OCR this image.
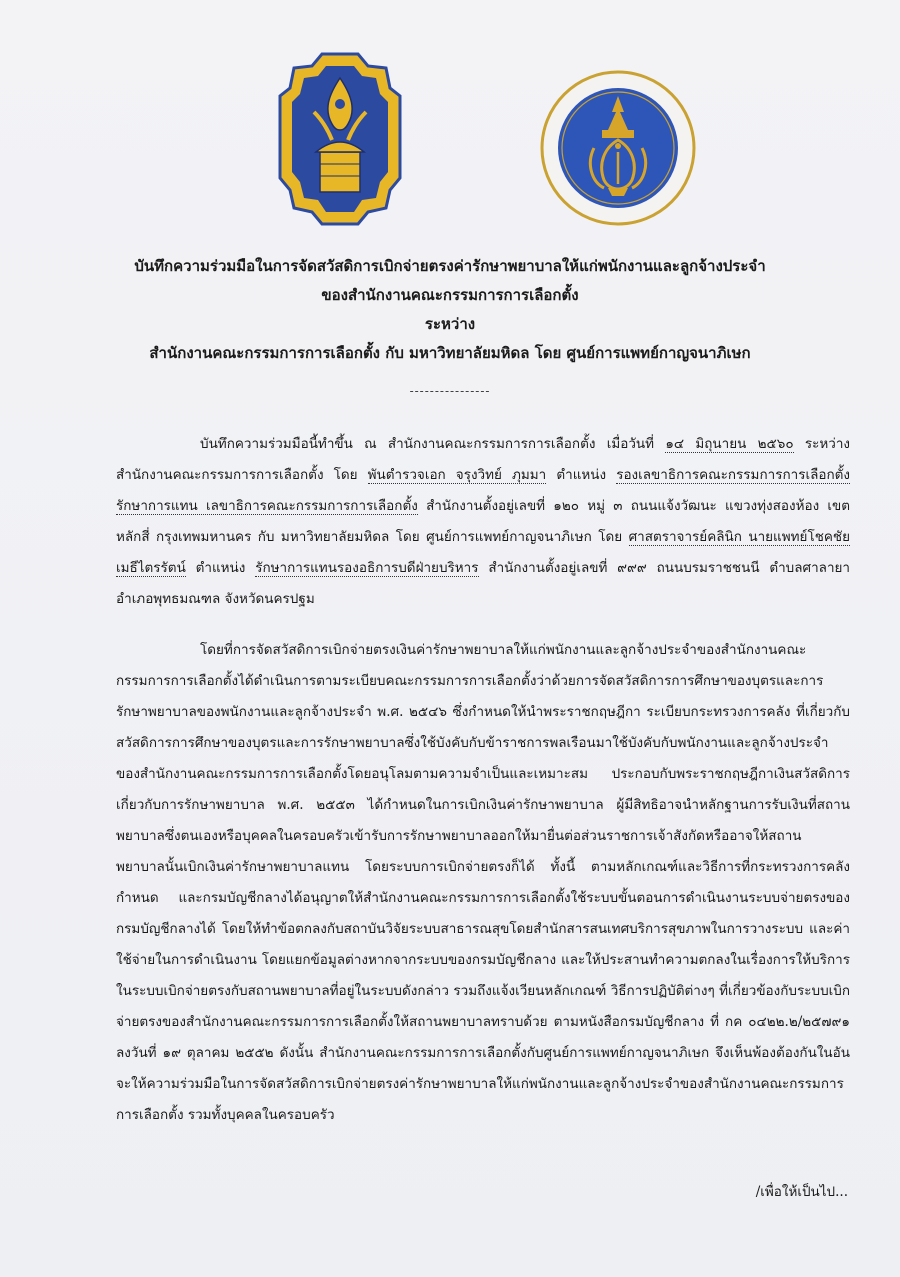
บันทึกความร่วมมือในการจัดสวัสดิการเบิกจ่ายตรงค่ารักษาพยาบาลให้แก่พนักงานและลูกจ้างประจำ
ของสำนักงานคณะกรรมการการเลือกตั้ง
ระหว่าง
สำนักงานคณะกรรมการการเลือกตั้ง กับ มหาวิทยาลัยมหิดล โดย ศูนย์การแพทย์กาญจนาภิเษก
----------------

บันทึกความร่วมมือนี้ทำขึ้น ณ สำนักงานคณะกรรมการการเลือกตั้ง เมื่อวันที่ ๑๔ มิถุนายน ๒๕๖๐ ระหว่างสำนักงานคณะกรรมการการเลือกตั้ง โดย พันตำรวจเอก จรุงวิทย์ ภุมมา ตำแหน่ง รองเลขาธิการคณะกรรมการการเลือกตั้ง รักษาการแทน เลขาธิการคณะกรรมการการเลือกตั้ง สำนักงานตั้งอยู่เลขที่ ๑๒๐ หมู่ ๓ ถนนแจ้งวัฒนะ แขวงทุ่งสองห้อง เขตหลักสี่ กรุงเทพมหานคร กับ มหาวิทยาลัยมหิดล โดย ศูนย์การแพทย์กาญจนาภิเษก โดย ศาสตราจารย์คลินิก นายแพทย์โชคชัย เมธีไตรรัตน์ ตำแหน่ง รักษาการแทนรองอธิการบดีฝ่ายบริหาร สำนักงานตั้งอยู่เลขที่ ๙๙๙ ถนนบรมราชชนนี ตำบลศาลายา อำเภอพุทธมณฑล จังหวัดนครปฐม

โดยที่การจัดสวัสดิการเบิกจ่ายตรงเงินค่ารักษาพยาบาลให้แก่พนักงานและลูกจ้างประจำของสำนักงานคณะกรรมการการเลือกตั้งได้ดำเนินการตามระเบียบคณะกรรมการการเลือกตั้งว่าด้วยการจัดสวัสดิการการศึกษาของบุตรและการรักษาพยาบาลของพนักงานและลูกจ้างประจำ พ.ศ. ๒๕๔๖ ซึ่งกำหนดให้นำพระราชกฤษฎีกา ระเบียบกระทรวงการคลัง ที่เกี่ยวกับสวัสดิการการศึกษาของบุตรและการรักษาพยาบาลซึ่งใช้บังคับกับข้าราชการพลเรือนมาใช้บังคับกับพนักงานและลูกจ้างประจำของสำนักงานคณะกรรมการการเลือกตั้งโดยอนุโลมตามความจำเป็นและเหมาะสม ประกอบกับพระราชกฤษฎีกาเงินสวัสดิการเกี่ยวกับการรักษาพยาบาล พ.ศ. ๒๕๕๓ ได้กำหนดในการเบิกเงินค่ารักษาพยาบาล ผู้มีสิทธิอาจนำหลักฐานการรับเงินที่สถานพยาบาลซึ่งตนเองหรือบุคคลในครอบครัวเข้ารับการรักษาพยาบาลออกให้มายื่นต่อส่วนราชการเจ้าสังกัดหรืออาจให้สถานพยาบาลนั้นเบิกเงินค่ารักษาพยาบาลแทน โดยระบบการเบิกจ่ายตรงก็ได้ ทั้งนี้ ตามหลักเกณฑ์และวิธีการที่กระทรวงการคลังกำหนด และกรมบัญชีกลางได้อนุญาตให้สำนักงานคณะกรรมการการเลือกตั้งใช้ระบบขั้นตอนการดำเนินงานระบบจ่ายตรงของกรมบัญชีกลางได้ โดยให้ทำข้อตกลงกับสถาบันวิจัยระบบสาธารณสุขโดยสำนักสารสนเทศบริการสุขภาพในการวางระบบ และค่าใช้จ่ายในการดำเนินงาน โดยแยกข้อมูลต่างหากจากระบบของกรมบัญชีกลาง และให้ประสานทำความตกลงในเรื่องการให้บริการในระบบเบิกจ่ายตรงกับสถานพยาบาลที่อยู่ในระบบดังกล่าว รวมถึงแจ้งเวียนหลักเกณฑ์ วิธีการปฏิบัติต่างๆ ที่เกี่ยวข้องกับระบบเบิกจ่ายตรงของสำนักงานคณะกรรมการการเลือกตั้งให้สถานพยาบาลทราบด้วย ตามหนังสือกรมบัญชีกลาง ที่ กค ๐๔๒๒.๒/๒๕๗๙๑ ลงวันที่ ๑๙ ตุลาคม ๒๕๕๒ ดังนั้น สำนักงานคณะกรรมการการเลือกตั้งกับศูนย์การแพทย์กาญจนาภิเษก จึงเห็นพ้องต้องกันในอันจะให้ความร่วมมือในการจัดสวัสดิการเบิกจ่ายตรงค่ารักษาพยาบาลให้แก่พนักงานและลูกจ้างประจำของสำนักงานคณะกรรมการการเลือกตั้ง รวมทั้งบุคคลในครอบครัว

/เพื่อให้เป็นไป...
